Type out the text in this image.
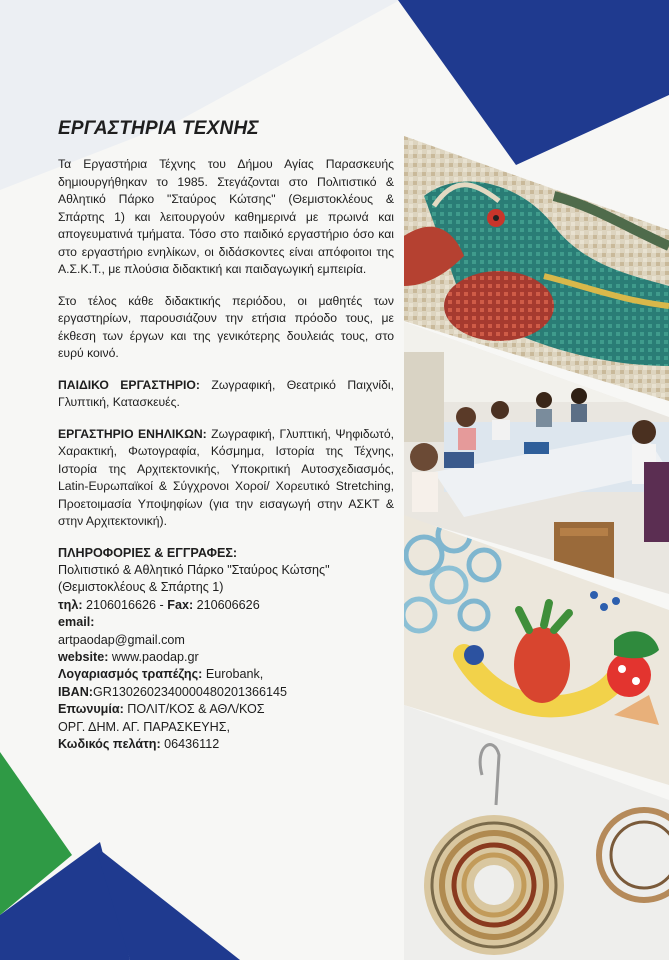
ΕΡΓΑΣΤΗΡΙΑ ΤΕΧΝΗΣ

Τα Εργαστήρια Τέχνης του Δήμου Αγίας Παρασκευής δημιουργήθηκαν το 1985. Στεγάζονται στο Πολιτιστικό & Αθλητικό Πάρκο "Σταύρος Κώτσης" (Θεμιστοκλέους & Σπάρτης 1) και λειτουργούν καθημερινά με πρωινά και απογευματινά τμήματα. Τόσο στο παιδικό εργαστήριο όσο και στο εργαστήριο ενηλίκων, οι διδάσκοντες είναι απόφοιτοι της Α.Σ.Κ.Τ., με πλούσια διδακτική και παιδαγωγική εμπειρία.

Στο τέλος κάθε διδακτικής περιόδου, οι μαθητές των εργαστηρίων, παρουσιάζουν την ετήσια πρόοδο τους, με έκθεση των έργων και της γενικότερης δουλειάς τους, στο ευρύ κοινό.

ΠΑΙΔΙΚΟ ΕΡΓΑΣΤΗΡΙΟ: Ζωγραφική, Θεατρικό Παιχνίδι, Γλυπτική, Κατασκευές.

ΕΡΓΑΣΤΗΡΙΟ ΕΝΗΛΙΚΩΝ: Ζωγραφική, Γλυπτική, Ψηφιδωτό, Χαρακτική, Φωτογραφία, Κόσμημα, Ιστορία της Τέχνης, Ιστορία της Αρχιτεκτονικής, Υποκριτική Αυτοσχεδιασμός, Latin-Ευρωπαϊκοί & Σύγχρονοι Χοροί/ Χορευτικό Stretching, Προετοιμασία Υποψηφίων (για την εισαγωγή στην ΑΣΚΤ & στην Αρχιτεκτονική).

ΠΛΗΡΟΦΟΡΙΕΣ & ΕΓΓΡΑΦΕΣ:
Πολιτιστικό & Αθλητικό Πάρκο "Σταύρος Κώτσης"
(Θεμιστοκλέους & Σπάρτης 1)
τηλ: 2106016626 - Fax: 210606626
email:
artpaodap@gmail.com
website: www.paodap.gr
Λογαριασμός τραπέζης: Eurobank,
IBAN:GR1302602340000480201366145
Επωνυμία: ΠΟΛΙΤ/ΚΟΣ & ΑΘΛ/ΚΟΣ
ΟΡΓ. ΔΗΜ. ΑΓ. ΠΑΡΑΣΚΕΥΗΣ,
Κωδικός πελάτη: 06436112
